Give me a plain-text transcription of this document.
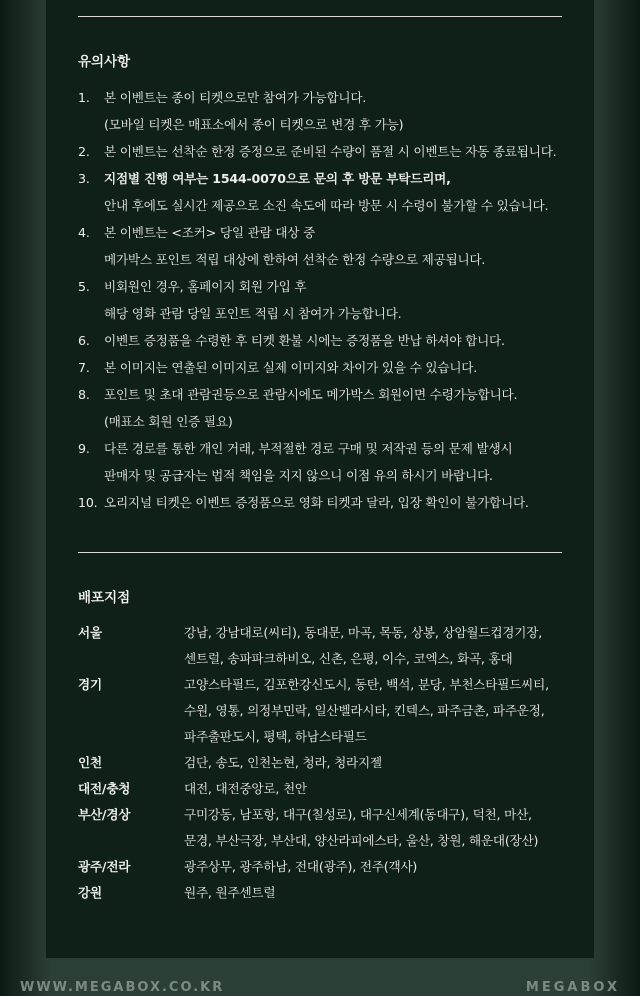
유의사항
1. 본 이벤트는 종이 티켓으로만 참여가 가능합니다.
(모바일 티켓은 매표소에서 종이 티켓으로 변경 후 가능)
2. 본 이벤트는 선착순 한정 증정으로 준비된 수량이 품절 시 이벤트는 자동 종료됩니다.
3. 지점별 진행 여부는 1544-0070으로 문의 후 방문 부탁드리며,
안내 후에도 실시간 제공으로 소진 속도에 따라 방문 시 수령이 불가할 수 있습니다.
4. 본 이벤트는 <조커> 당일 관람 대상 중
메가박스 포인트 적립 대상에 한하여 선착순 한정 수량으로 제공됩니다.
5. 비회원인 경우, 홈페이지 회원 가입 후
해당 영화 관람 당일 포인트 적립 시 참여가 가능합니다.
6. 이벤트 증정품을 수령한 후 티켓 환불 시에는 증정품을 반납 하셔야 합니다.
7. 본 이미지는 연출된 이미지로 실제 이미지와 차이가 있을 수 있습니다.
8. 포인트 및 초대 관람권등으로 관람시에도 메가박스 회원이면 수령가능합니다.
(매표소 회원 인증 필요)
9. 다른 경로를 통한 개인 거래, 부적절한 경로 구매 및 저작권 등의 문제 발생시
판매자 및 공급자는 법적 책임을 지지 않으니 이점 유의 하시기 바랍니다.
10. 오리지널 티켓은 이벤트 증정품으로 영화 티켓과 달라, 입장 확인이 불가합니다.
배포지점
서울	강남, 강남대로(씨티), 동대문, 마곡, 목동, 상봉, 상암월드컵경기장,
센트럴, 송파파크하비오, 신촌, 은평, 이수, 코엑스, 화곡, 홍대
경기	고양스타필드, 김포한강신도시, 동탄, 백석, 분당, 부천스타필드씨티,
수원, 영통, 의정부민락, 일산벨라시타, 킨텍스, 파주금촌, 파주운정,
파주출판도시, 평택, 하남스타필드
인천	검단, 송도, 인천논현, 청라, 청라지젤
대전/충청	대전, 대전중앙로, 천안
부산/경상	구미강동, 남포항, 대구(칠성로), 대구신세계(동대구), 덕천, 마산,
문경, 부산극장, 부산대, 양산라피에스타, 울산, 창원, 해운대(장산)
광주/전라	광주상무, 광주하남, 전대(광주), 전주(객사)
강원	원주, 원주센트럴
WWW.MEGABOX.CO.KR	MEGABOX
